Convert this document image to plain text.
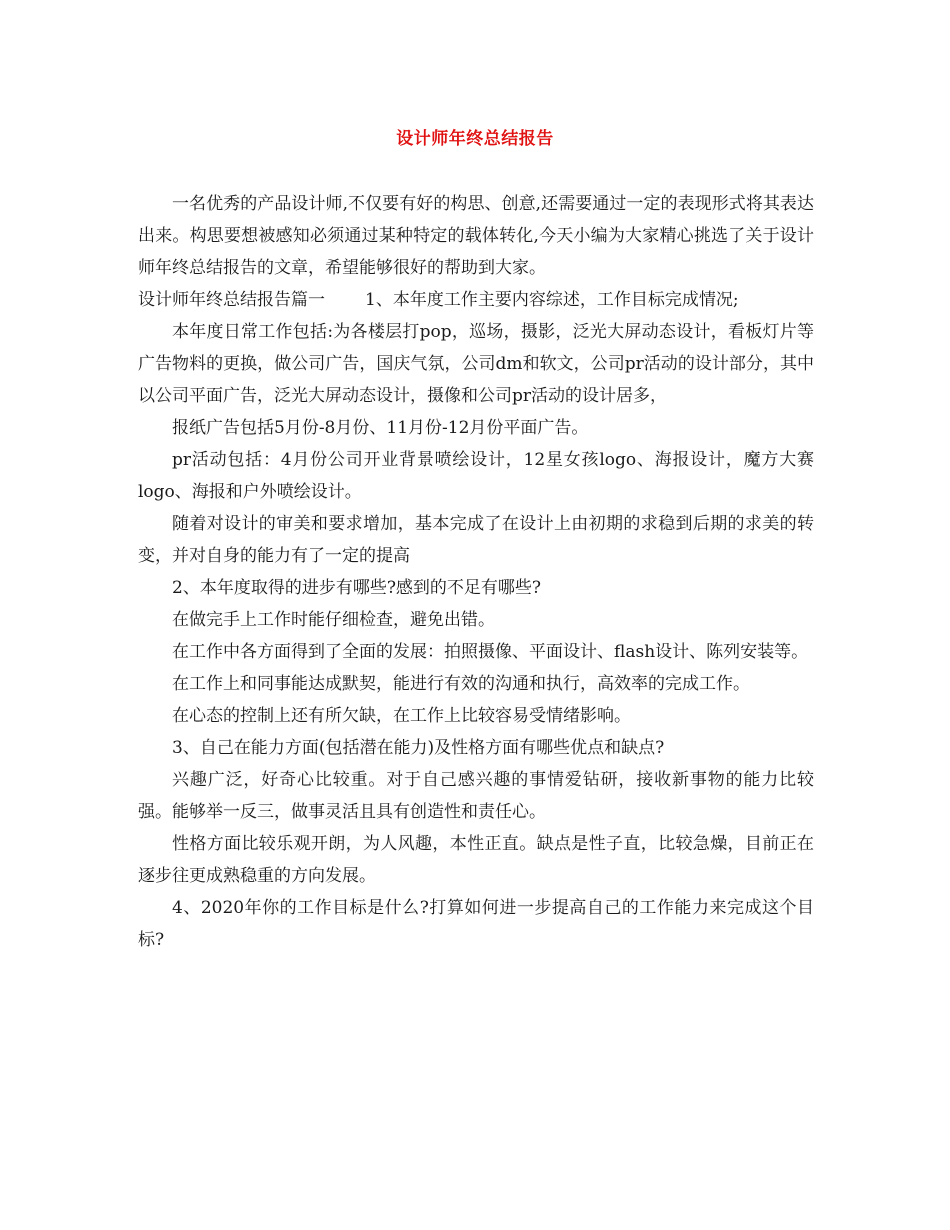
设计师年终总结报告

一名优秀的产品设计师,不仅要有好的构思、创意,还需要通过一定的表现形式将其表达出来。构思要想被感知必须通过某种特定的载体转化,今天小编为大家精心挑选了关于设计师年终总结报告的文章，希望能够很好的帮助到大家。

设计师年终总结报告篇一 1、本年度工作主要内容综述，工作目标完成情况;

本年度日常工作包括:为各楼层打pop，巡场，摄影，泛光大屏动态设计，看板灯片等广告物料的更换，做公司广告，国庆气氛，公司dm和软文，公司pr活动的设计部分，其中以公司平面广告，泛光大屏动态设计，摄像和公司pr活动的设计居多，

报纸广告包括5月份-8月份、11月份-12月份平面广告。

pr活动包括：4月份公司开业背景喷绘设计，12星女孩logo、海报设计，魔方大赛logo、海报和户外喷绘设计。

随着对设计的审美和要求增加，基本完成了在设计上由初期的求稳到后期的求美的转变，并对自身的能力有了一定的提高

2、本年度取得的进步有哪些?感到的不足有哪些?

在做完手上工作时能仔细检查，避免出错。

在工作中各方面得到了全面的发展：拍照摄像、平面设计、flash设计、陈列安装等。

在工作上和同事能达成默契，能进行有效的沟通和执行，高效率的完成工作。

在心态的控制上还有所欠缺，在工作上比较容易受情绪影响。

3、自己在能力方面(包括潜在能力)及性格方面有哪些优点和缺点?

兴趣广泛，好奇心比较重。对于自己感兴趣的事情爱钻研，接收新事物的能力比较强。能够举一反三，做事灵活且具有创造性和责任心。

性格方面比较乐观开朗，为人风趣，本性正直。缺点是性子直，比较急燥，目前正在逐步往更成熟稳重的方向发展。

4、2020年你的工作目标是什么?打算如何进一步提高自己的工作能力来完成这个目标?
